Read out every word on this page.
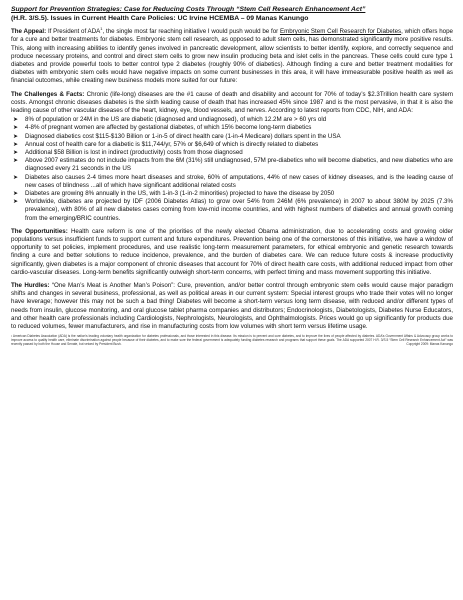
Support for Prevention Strategies: Case for Reducing Costs Through “Stem Cell Research Enhancement Act”
(H.R. 3/S.5). Issues in Current Health Care Policies: UC Irvine HCEMBA – 09 Manas Kanungo
The Appeal: If President of ADA$^1$, the single most far reaching initiative I would push would be for Embryonic Stem Cell Research for Diabetes, which offers hope for a cure and better treatments for diabetes. Embryonic stem cell research, as opposed to adult stem cells, has demonstrated significantly more positive results. This, along with increasing abilities to identify genes involved in pancreatic development, allow scientists to better identify, explore, and correctly sequence and produce necessary proteins, and control and direct stem cells to grow new insulin producing beta and islet cells in the pancreas. These cells could cure type 1 diabetes and provide powerful tools to better control type 2 diabetes (roughly 90% of diabetics). Although finding a cure and better treatment modalities for diabetes with embryonic stem cells would have negative impacts on some current businesses in this area, it will have immeasurable positive health as well as financial outcomes, while creating new business models more suited for our future:
The Challenges & Facts: Chronic (life-long) diseases are the #1 cause of death and disability and account for 70% of today’s $2.3Trillion health care system costs. Amongst chronic diseases diabetes is the sixth leading cause of death that has increased 45% since 1987 and is the most pervasive, in that it is also the leading cause of other vascular diseases of the heart, kidney, eye, blood vessels, and nerves. According to latest reports from CDC, NIH, and ADA:
➤ 8% of population or 24M in the US are diabetic (diagnosed and undiagnosed), of which 12.2M are > 60 yrs old
➤ 4-8% of pregnant women are affected by gestational diabetes, of which 15% become long-term diabetics
➤ Diagnosed diabetics cost $115-$130 Billion or 1-in-5 of direct health care (1-in-4 Medicare) dollars spent in the USA
➤ Annual cost of health care for a diabetic is $11,744/yr, 57% or $6,649 of which is directly related to diabetes
➤ Additional $58 Billion is lost in indirect (productivity) costs from those diagnosed
➤ Above 2007 estimates do not include impacts from the 6M (31%) still undiagnosed, 57M pre-diabetics who will become diabetics, and new diabetics who are diagnosed every 21 seconds in the US
➤ Diabetes also causes 2-4 times more heart diseases and stroke, 60% of amputations, 44% of new cases of kidney diseases, and is the leading cause of new cases of blindness ...all of which have significant additional related costs
➤ Diabetes are growing 8% annually in the US, with 1-in-3 (1-in-2 minorities) projected to have the disease by 2050
➤ Worldwide, diabetes are projected by IDF (2006 Diabetes Atlas) to grow over 54% from 246M (6% prevalence) in 2007 to about 380M by 2025 (7.3% prevalence), with 80% of all new diabetes cases coming from low-mid income countries, and with highest numbers of diabetics and annual growth coming from the emerging/BRIC countries.
The Opportunities: Health care reform is one of the priorities of the newly elected Obama administration, due to accelerating costs and growing older populations versus insufficient funds to support current and future expenditures. Prevention being one of the cornerstones of this initiative, we have a window of opportunity to set policies, implement procedures, and use realistic long-term measurement parameters, for ethical embryonic and genetic research towards finding a cure and better solutions to reduce incidence, prevalence, and the burden of diabetes care. We can reduce future costs & increase productivity significantly, given diabetes is a major component of chronic diseases that account for 70% of direct health care costs, with additional reduced impact from other cardio-vascular diseases. Long-term benefits significantly outweigh short-term concerns, with perfect timing and mass movement supporting this initiative.
The Hurdles: “One Man’s Meat is Another Man’s Poison”: Cure, prevention, and/or better control through embryonic stem cells would cause major paradigm shifts and changes in several business, professional, as well as political areas in our current system: Special interest groups who trade their votes will no longer have leverage; however this may not be such a bad thing! Diabetes will become a short-term versus long term disease, with reduced and/or different types of needs from insulin, glucose monitoring, and oral glucose tablet pharma companies and distributors; Endocrinologists, Diabetologists, Diabetes Nurse Educators, and other health care professionals including Cardiologists, Nephrologists, Neurologists, and Ophthalmologists. Prices would go up significantly for products due to reduced volumes, fewer manufacturers, and rise in manufacturing costs from low volumes with short term versus lifetime usage.
¹ American Diabetes Association (ADA) is the nation’s leading voluntary health organization for diabetes professionals, and those interested in this disease. Its mission is to prevent and cure diabetes, and to improve the lives of people affected by diabetes. ADA’s Government Affairs & Advocacy group works to improve access to quality health care, eliminate discrimination against people because of their diabetes, and to make sure the federal government is adequately funding diabetes research and programs that support these goals. The ADA supported 2007 H.R. 3/S.5 “Stem Cell Research Enhancement Act” was recently passed by both the House and Senate, but vetoed by President Bush.	Copyright 2009: Manas Kanungo
